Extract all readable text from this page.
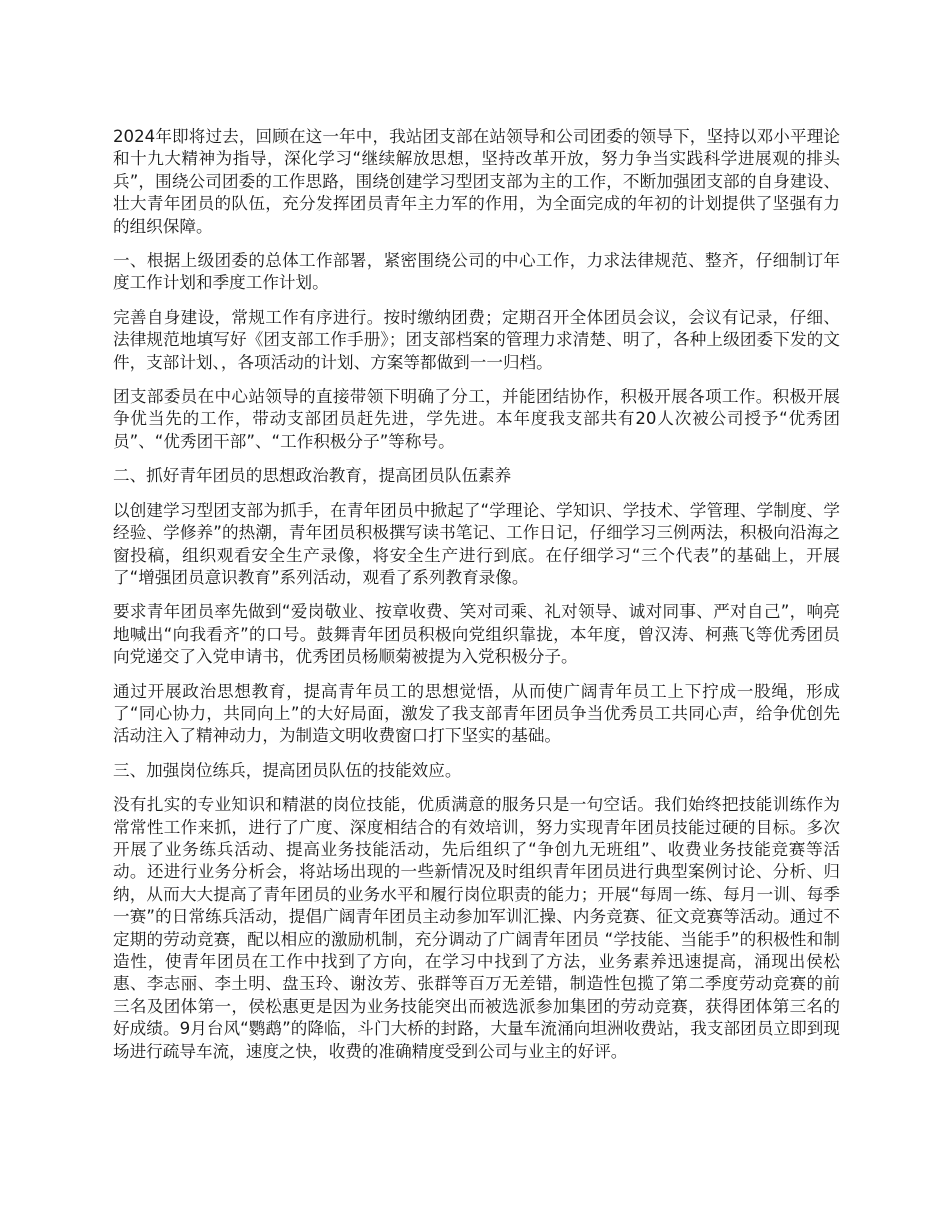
2024年即将过去，回顾在这一年中，我站团支部在站领导和公司团委的领导下，坚持以邓小平理论和十九大精神为指导，深化学习“继续解放思想，坚持改革开放，努力争当实践科学进展观的排头兵”，围绕公司团委的工作思路，围绕创建学习型团支部为主的工作，不断加强团支部的自身建设、壮大青年团员的队伍，充分发挥团员青年主力军的作用，为全面完成的年初的计划提供了坚强有力的组织保障。

一、根据上级团委的总体工作部署，紧密围绕公司的中心工作，力求法律规范、整齐，仔细制订年度工作计划和季度工作计划。

完善自身建设，常规工作有序进行。按时缴纳团费；定期召开全体团员会议，会议有记录，仔细、法律规范地填写好《团支部工作手册》；团支部档案的管理力求清楚、明了，各种上级团委下发的文件，支部计划、，各项活动的计划、方案等都做到一一归档。

团支部委员在中心站领导的直接带领下明确了分工，并能团结协作，积极开展各项工作。积极开展争优当先的工作，带动支部团员赶先进，学先进。本年度我支部共有20人次被公司授予“优秀团员”、“优秀团干部”、“工作积极分子”等称号。

二、抓好青年团员的思想政治教育，提高团员队伍素养

以创建学习型团支部为抓手，在青年团员中掀起了“学理论、学知识、学技术、学管理、学制度、学经验、学修养”的热潮，青年团员积极撰写读书笔记、工作日记，仔细学习三例两法，积极向沿海之窗投稿，组织观看安全生产录像，将安全生产进行到底。在仔细学习“三个代表”的基础上，开展了“增强团员意识教育”系列活动，观看了系列教育录像。

要求青年团员率先做到“爱岗敬业、按章收费、笑对司乘、礼对领导、诚对同事、严对自己”，响亮地喊出“向我看齐”的口号。鼓舞青年团员积极向党组织靠拢，本年度，曾汉涛、柯燕飞等优秀团员向党递交了入党申请书，优秀团员杨顺菊被提为入党积极分子。

通过开展政治思想教育，提高青年员工的思想觉悟，从而使广阔青年员工上下拧成一股绳，形成了“同心协力，共同向上”的大好局面，激发了我支部青年团员争当优秀员工共同心声，给争优创先活动注入了精神动力，为制造文明收费窗口打下坚实的基础。

三、加强岗位练兵，提高团员队伍的技能效应。

没有扎实的专业知识和精湛的岗位技能，优质满意的服务只是一句空话。我们始终把技能训练作为常常性工作来抓，进行了广度、深度相结合的有效培训，努力实现青年团员技能过硬的目标。多次开展了业务练兵活动、提高业务技能活动，先后组织了“争创九无班组”、收费业务技能竞赛等活动。还进行业务分析会，将站场出现的一些新情况及时组织青年团员进行典型案例讨论、分析、归纳，从而大大提高了青年团员的业务水平和履行岗位职责的能力；开展“每周一练、每月一训、每季一赛”的日常练兵活动，提倡广阔青年团员主动参加军训汇操、内务竞赛、征文竞赛等活动。通过不定期的劳动竞赛，配以相应的激励机制，充分调动了广阔青年团员 “学技能、当能手”的积极性和制造性，使青年团员在工作中找到了方向，在学习中找到了方法，业务素养迅速提高，涌现出侯松惠、李志丽、李土明、盘玉玲、谢汝芳、张群等百万无差错，制造性包揽了第二季度劳动竞赛的前三名及团体第一，侯松惠更是因为业务技能突出而被选派参加集团的劳动竞赛，获得团体第三名的好成绩。9月台风“鹦鹉”的降临，斗门大桥的封路，大量车流涌向坦洲收费站，我支部团员立即到现场进行疏导车流，速度之快，收费的准确精度受到公司与业主的好评。
